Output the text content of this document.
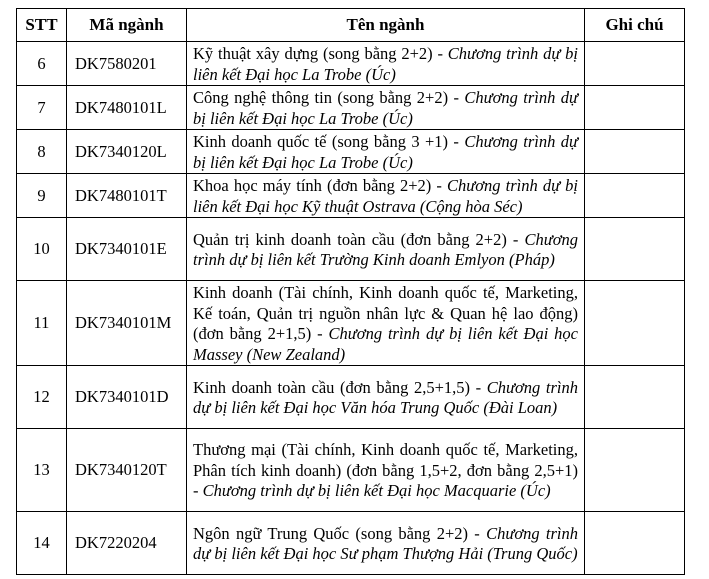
STT	Mã ngành	Tên ngành	Ghi chú
6	DK7580201	Kỹ thuật xây dựng (song bằng 2+2) - Chương trình dự bị liên kết Đại học La Trobe (Úc)	
7	DK7480101L	Công nghệ thông tin (song bằng 2+2) - Chương trình dự bị liên kết Đại học La Trobe (Úc)	
8	DK7340120L	Kinh doanh quốc tế (song bằng 3 +1) - Chương trình dự bị liên kết Đại học La Trobe (Úc)	
9	DK7480101T	Khoa học máy tính (đơn bằng 2+2) - Chương trình dự bị liên kết Đại học Kỹ thuật Ostrava (Cộng hòa Séc)	
10	DK7340101E	Quản trị kinh doanh toàn cầu (đơn bằng 2+2) - Chương trình dự bị liên kết Trường Kinh doanh Emlyon (Pháp)	
11	DK7340101M	Kinh doanh (Tài chính, Kinh doanh quốc tế, Marketing, Kế toán, Quản trị nguồn nhân lực & Quan hệ lao động) (đơn bằng 2+1,5) - Chương trình dự bị liên kết Đại học Massey (New Zealand)	
12	DK7340101D	Kinh doanh toàn cầu (đơn bằng 2,5+1,5) - Chương trình dự bị liên kết Đại học Văn hóa Trung Quốc (Đài Loan)	
13	DK7340120T	Thương mại (Tài chính, Kinh doanh quốc tế, Marketing, Phân tích kinh doanh) (đơn bằng 1,5+2, đơn bằng 2,5+1) - Chương trình dự bị liên kết Đại học Macquarie (Úc)	
14	DK7220204	Ngôn ngữ Trung Quốc (song bằng 2+2) - Chương trình dự bị liên kết Đại học Sư phạm Thượng Hải (Trung Quốc)	
